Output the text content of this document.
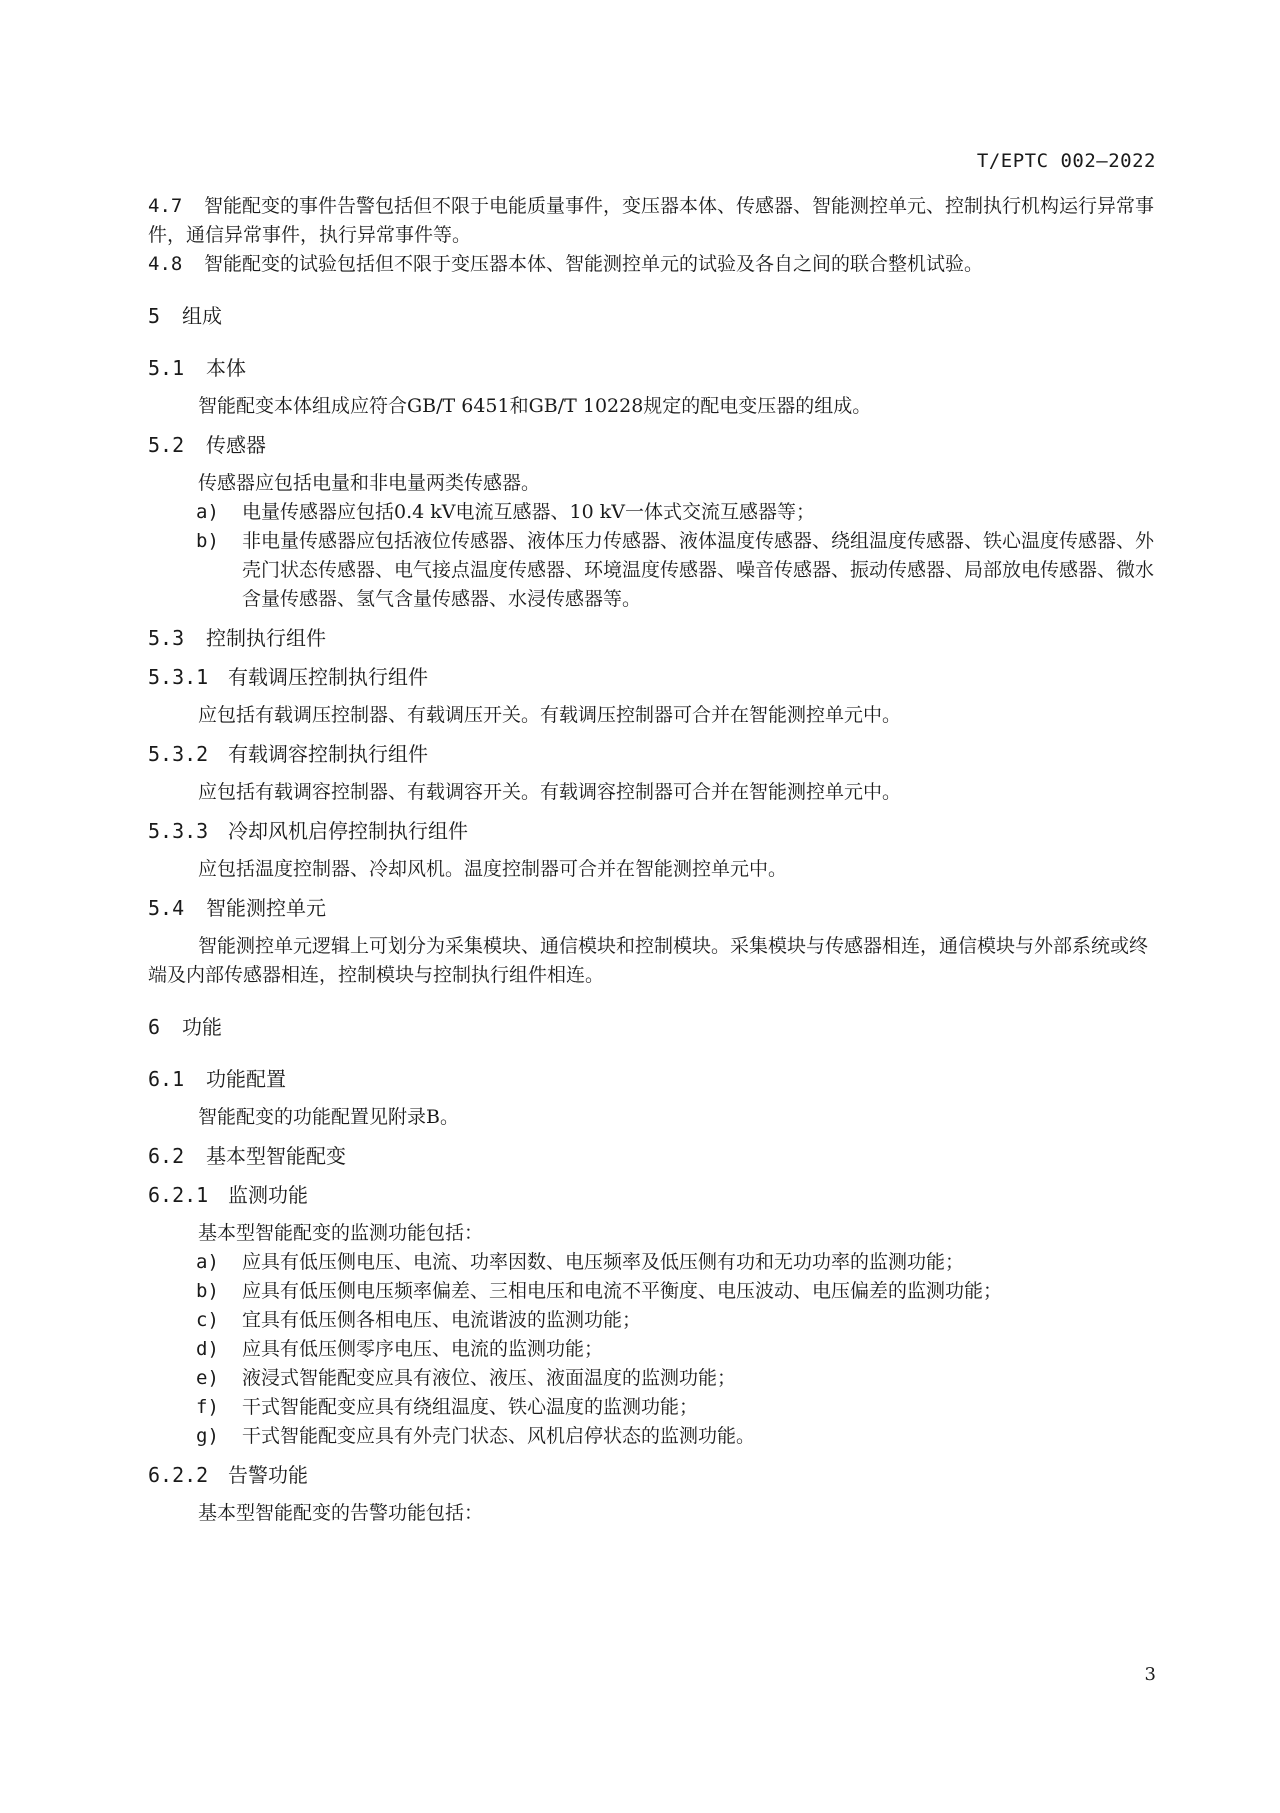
T/EPTC 002—2022
4.7 智能配变的事件告警包括但不限于电能质量事件，变压器本体、传感器、智能测控单元、控制执行机构运行异常事件，通信异常事件，执行异常事件等。
4.8 智能配变的试验包括但不限于变压器本体、智能测控单元的试验及各自之间的联合整机试验。
5 组成
5.1 本体
智能配变本体组成应符合GB/T 6451和GB/T 10228规定的配电变压器的组成。
5.2 传感器
传感器应包括电量和非电量两类传感器。
a) 电量传感器应包括0.4 kV电流互感器、10 kV一体式交流互感器等；
b) 非电量传感器应包括液位传感器、液体压力传感器、液体温度传感器、绕组温度传感器、铁心温度传感器、外壳门状态传感器、电气接点温度传感器、环境温度传感器、噪音传感器、振动传感器、局部放电传感器、微水含量传感器、氢气含量传感器、水浸传感器等。
5.3 控制执行组件
5.3.1 有载调压控制执行组件
应包括有载调压控制器、有载调压开关。有载调压控制器可合并在智能测控单元中。
5.3.2 有载调容控制执行组件
应包括有载调容控制器、有载调容开关。有载调容控制器可合并在智能测控单元中。
5.3.3 冷却风机启停控制执行组件
应包括温度控制器、冷却风机。温度控制器可合并在智能测控单元中。
5.4 智能测控单元
智能测控单元逻辑上可划分为采集模块、通信模块和控制模块。采集模块与传感器相连，通信模块与外部系统或终端及内部传感器相连，控制模块与控制执行组件相连。
6 功能
6.1 功能配置
智能配变的功能配置见附录B。
6.2 基本型智能配变
6.2.1 监测功能
基本型智能配变的监测功能包括：
a) 应具有低压侧电压、电流、功率因数、电压频率及低压侧有功和无功功率的监测功能；
b) 应具有低压侧电压频率偏差、三相电压和电流不平衡度、电压波动、电压偏差的监测功能；
c) 宜具有低压侧各相电压、电流谐波的监测功能；
d) 应具有低压侧零序电压、电流的监测功能；
e) 液浸式智能配变应具有液位、液压、液面温度的监测功能；
f) 干式智能配变应具有绕组温度、铁心温度的监测功能；
g) 干式智能配变应具有外壳门状态、风机启停状态的监测功能。
6.2.2 告警功能
基本型智能配变的告警功能包括：
3
